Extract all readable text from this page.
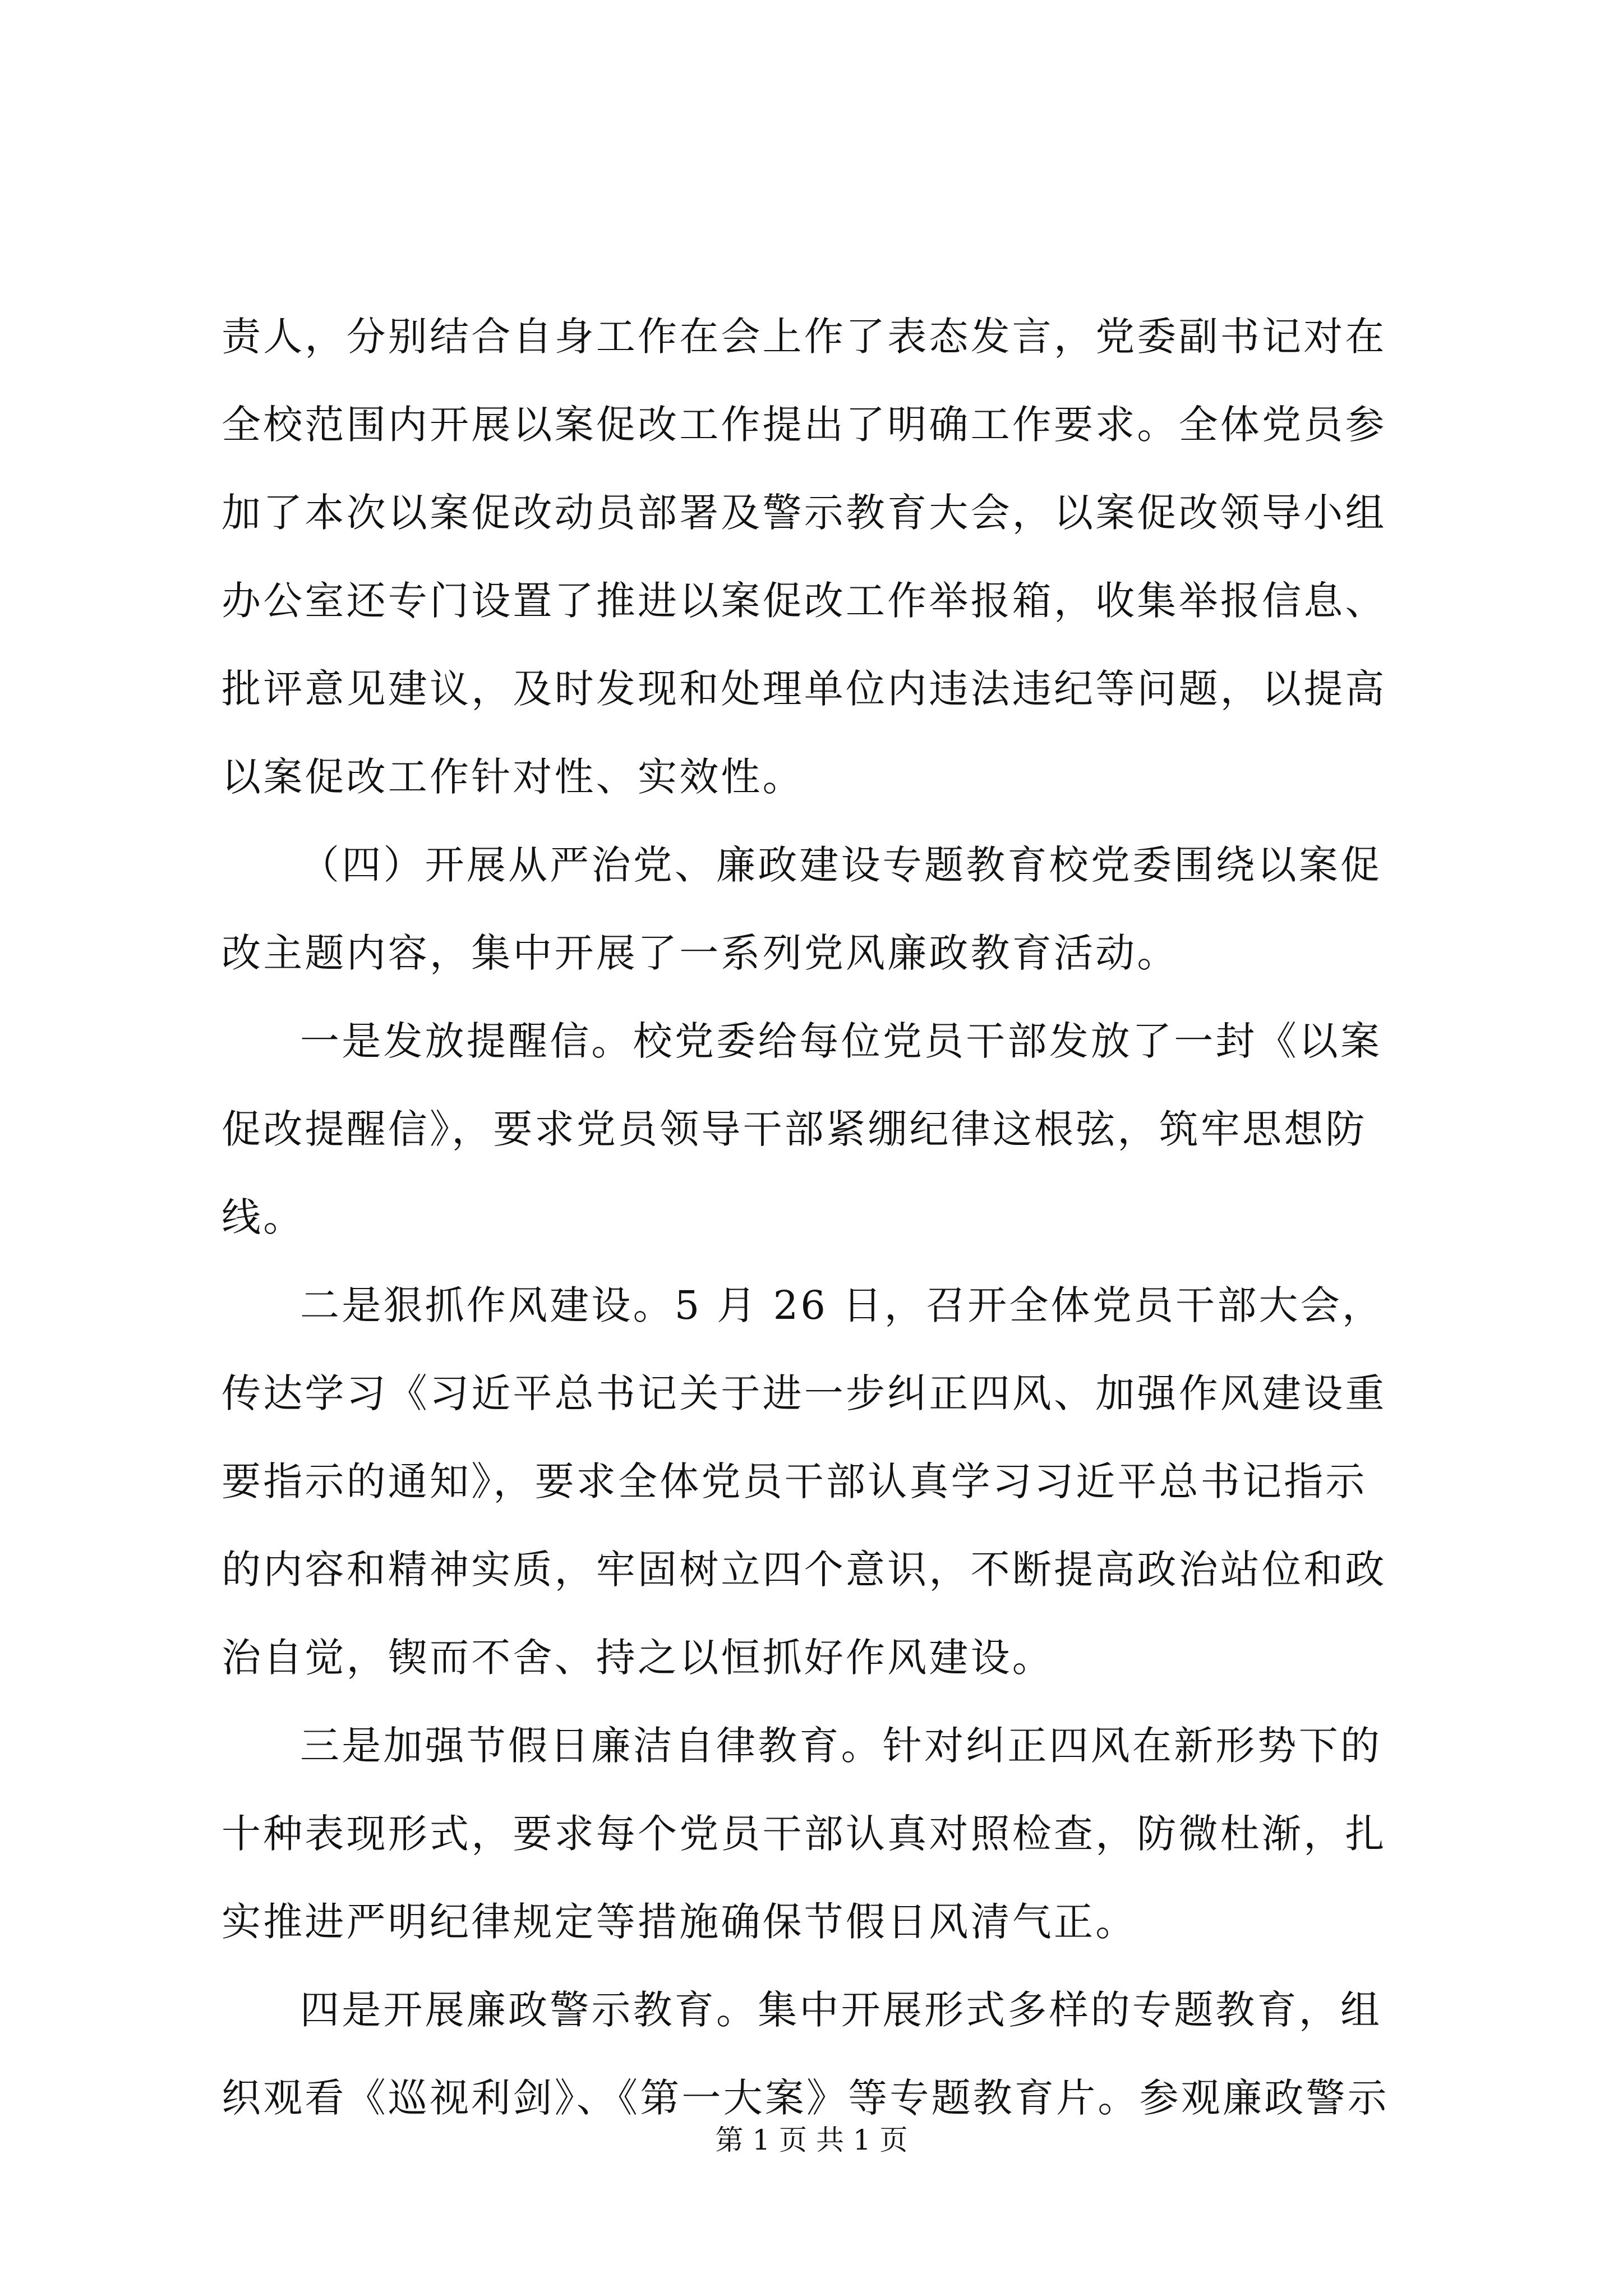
责人，分别结合自身工作在会上作了表态发言，党委副书记对在
全校范围内开展以案促改工作提出了明确工作要求。全体党员参
加了本次以案促改动员部署及警示教育大会，以案促改领导小组
办公室还专门设置了推进以案促改工作举报箱，收集举报信息、
批评意见建议，及时发现和处理单位内违法违纪等问题，以提高
以案促改工作针对性、实效性。
（四）开展从严治党、廉政建设专题教育校党委围绕以案促
改主题内容，集中开展了一系列党风廉政教育活动。
一是发放提醒信。校党委给每位党员干部发放了一封《以案
促改提醒信》，要求党员领导干部紧绷纪律这根弦，筑牢思想防
线。
二是狠抓作风建设。5 月 26 日，召开全体党员干部大会，
传达学习《习近平总书记关于进一步纠正四风、加强作风建设重
要指示的通知》，要求全体党员干部认真学习习近平总书记指示
的内容和精神实质，牢固树立四个意识，不断提高政治站位和政
治自觉，锲而不舍、持之以恒抓好作风建设。
三是加强节假日廉洁自律教育。针对纠正四风在新形势下的
十种表现形式，要求每个党员干部认真对照检查，防微杜渐，扎
实推进严明纪律规定等措施确保节假日风清气正。
四是开展廉政警示教育。集中开展形式多样的专题教育，组
织观看《巡视利剑》、《第一大案》等专题教育片。参观廉政警示
第 1 页 共 1 页
